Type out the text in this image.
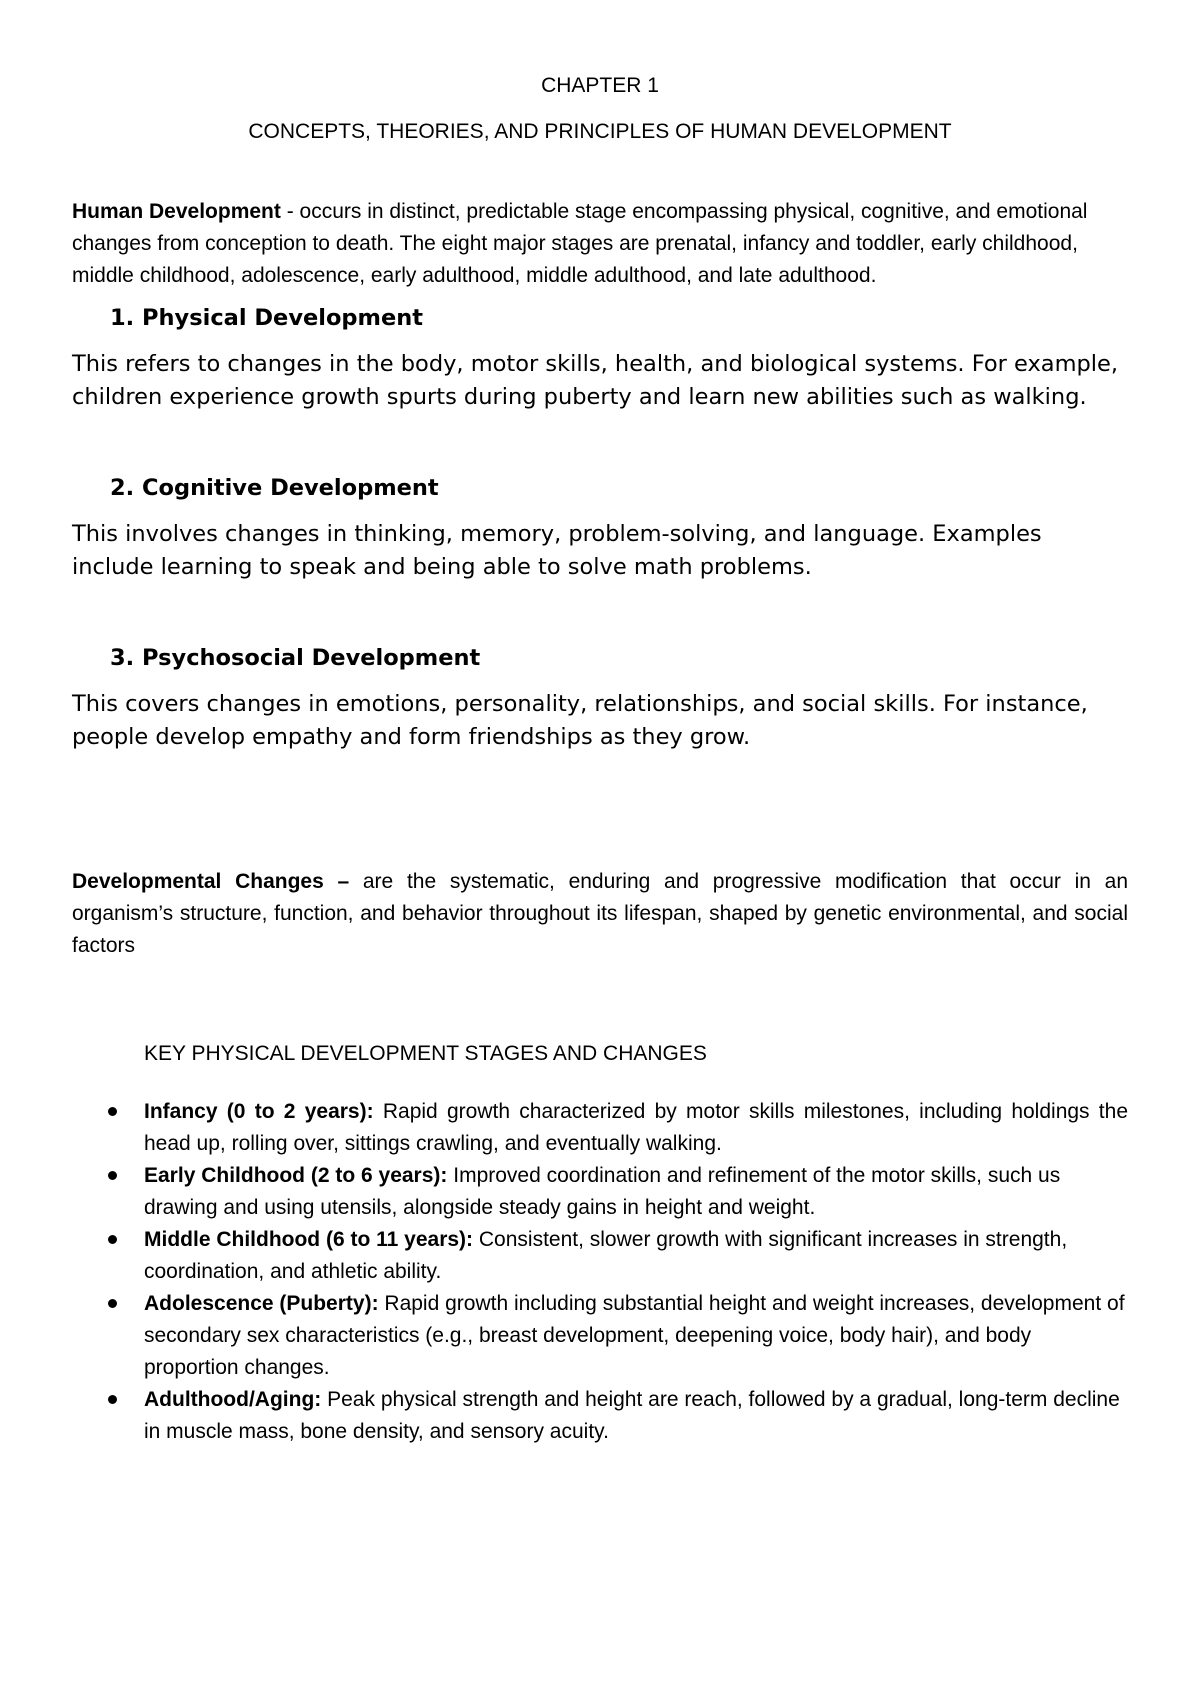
CHAPTER 1

CONCEPTS, THEORIES, AND PRINCIPLES OF HUMAN DEVELOPMENT

Human Development - occurs in distinct, predictable stage encompassing physical, cognitive, and emotional changes from conception to death. The eight major stages are prenatal, infancy and toddler, early childhood, middle childhood, adolescence, early adulthood, middle adulthood, and late adulthood.

1. Physical Development

This refers to changes in the body, motor skills, health, and biological systems. For example, children experience growth spurts during puberty and learn new abilities such as walking.

2. Cognitive Development

This involves changes in thinking, memory, problem-solving, and language. Examples include learning to speak and being able to solve math problems.

3. Psychosocial Development

This covers changes in emotions, personality, relationships, and social skills. For instance, people develop empathy and form friendships as they grow.

Developmental Changes – are the systematic, enduring and progressive modification that occur in an organism’s structure, function, and behavior throughout its lifespan, shaped by genetic environmental, and social factors

KEY PHYSICAL DEVELOPMENT STAGES AND CHANGES

Infancy (0 to 2 years): Rapid growth characterized by motor skills milestones, including holdings the head up, rolling over, sittings crawling, and eventually walking.
Early Childhood (2 to 6 years): Improved coordination and refinement of the motor skills, such us drawing and using utensils, alongside steady gains in height and weight.
Middle Childhood (6 to 11 years): Consistent, slower growth with significant increases in strength, coordination, and athletic ability.
Adolescence (Puberty): Rapid growth including substantial height and weight increases, development of secondary sex characteristics (e.g., breast development, deepening voice, body hair), and body proportion changes.
Adulthood/Aging: Peak physical strength and height are reach, followed by a gradual, long-term decline in muscle mass, bone density, and sensory acuity.
